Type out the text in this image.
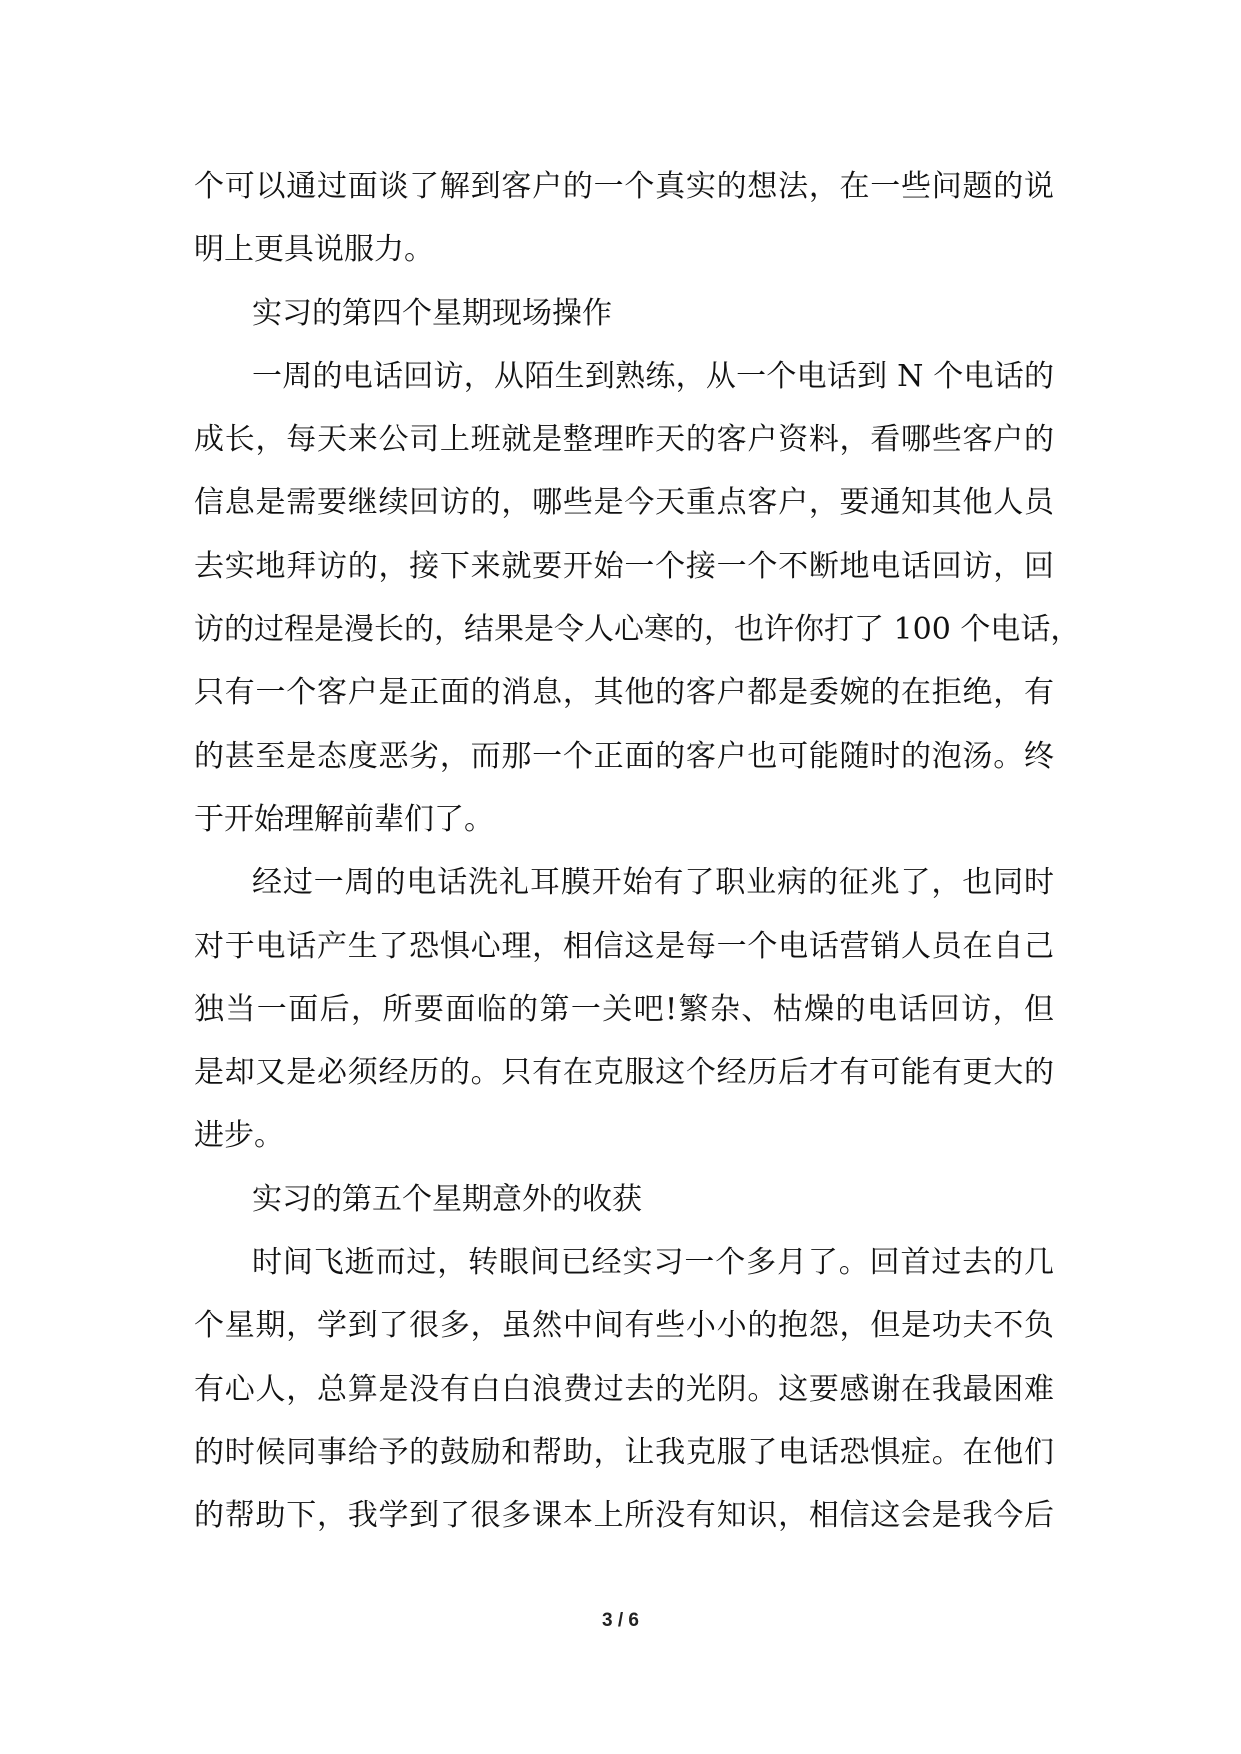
个可以通过面谈了解到客户的一个真实的想法，在一些问题的说
明上更具说服力。
实习的第四个星期现场操作
一周的电话回访，从陌生到熟练，从一个电话到 N 个电话的
成长，每天来公司上班就是整理昨天的客户资料，看哪些客户的
信息是需要继续回访的，哪些是今天重点客户，要通知其他人员
去实地拜访的，接下来就要开始一个接一个不断地电话回访，回
访的过程是漫长的，结果是令人心寒的，也许你打了 100 个电话，
只有一个客户是正面的消息，其他的客户都是委婉的在拒绝，有
的甚至是态度恶劣，而那一个正面的客户也可能随时的泡汤。终
于开始理解前辈们了。
经过一周的电话洗礼耳膜开始有了职业病的征兆了，也同时
对于电话产生了恐惧心理，相信这是每一个电话营销人员在自己
独当一面后，所要面临的第一关吧!繁杂、枯燥的电话回访，但
是却又是必须经历的。只有在克服这个经历后才有可能有更大的
进步。
实习的第五个星期意外的收获
时间飞逝而过，转眼间已经实习一个多月了。回首过去的几
个星期，学到了很多，虽然中间有些小小的抱怨，但是功夫不负
有心人，总算是没有白白浪费过去的光阴。这要感谢在我最困难
的时候同事给予的鼓励和帮助，让我克服了电话恐惧症。在他们
的帮助下，我学到了很多课本上所没有知识，相信这会是我今后
3 / 6
